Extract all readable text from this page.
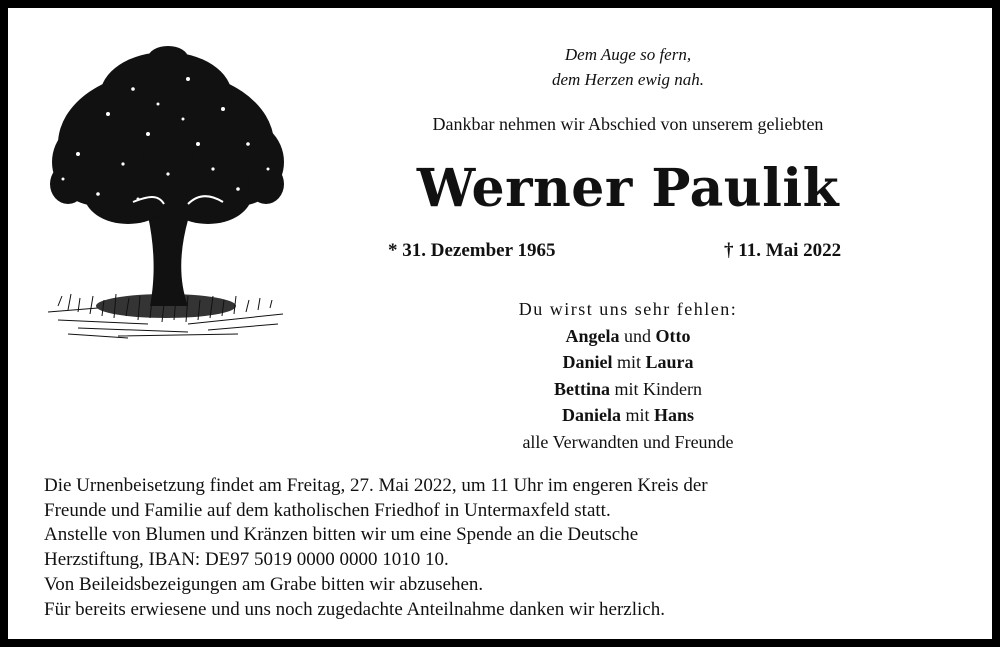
Dem Auge so fern,
dem Herzen ewig nah.
Dankbar nehmen wir Abschied von unserem geliebten
Werner Paulik
* 31. Dezember 1965	† 11. Mai 2022
Du wirst uns sehr fehlen:
Angela und Otto
Daniel mit Laura
Bettina mit Kindern
Daniela mit Hans
alle Verwandten und Freunde
Die Urnenbeisetzung findet am Freitag, 27. Mai 2022, um 11 Uhr im engeren Kreis der
Freunde und Familie auf dem katholischen Friedhof in Untermaxfeld statt.
Anstelle von Blumen und Kränzen bitten wir um eine Spende an die Deutsche
Herzstiftung, IBAN: DE97 5019 0000 0000 1010 10.
Von Beileidsbezeigungen am Grabe bitten wir abzusehen.
Für bereits erwiesene und uns noch zugedachte Anteilnahme danken wir herzlich.
